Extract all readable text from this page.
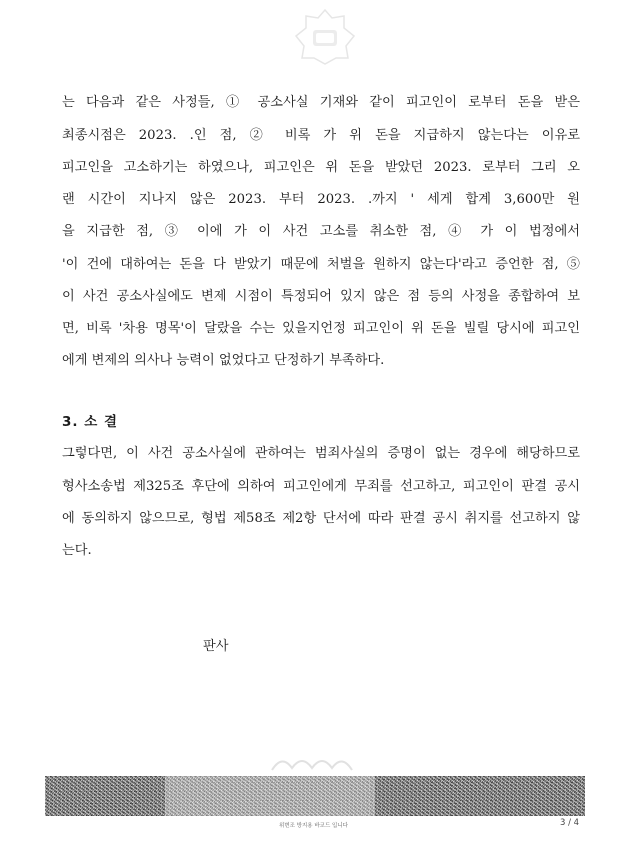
는 다음과 같은 사정들, ① 공소사실 기재와 같이 피고인이 로부터 돈을 받은
최종시점은 2023. .인 점, ② 비록 가 위 돈을 지급하지 않는다는 이유로
피고인을 고소하기는 하였으나, 피고인은 위 돈을 받았던 2023. 로부터 그리 오
랜 시간이 지나지 않은 2023. 부터 2023. .까지 ' 세게 합계 3,600만 원
을 지급한 점, ③ 이에 가 이 사건 고소를 취소한 점, ④ 가 이 법정에서
'이 건에 대하여는 돈을 다 받았기 때문에 처벌을 원하지 않는다'라고 증언한 점, ⑤
이 사건 공소사실에도 변제 시점이 특정되어 있지 않은 점 등의 사정을 종합하여 보
면, 비록 '차용 명목'이 달랐을 수는 있을지언정 피고인이 위 돈을 빌릴 당시에 피고인
에게 변제의 의사나 능력이 없었다고 단정하기 부족하다.
3. 소 결
그렇다면, 이 사건 공소사실에 관하여는 범죄사실의 증명이 없는 경우에 해당하므로
형사소송법 제325조 후단에 의하여 피고인에게 무죄를 선고하고, 피고인이 판결 공시
에 동의하지 않으므로, 형법 제58조 제2항 단서에 따라 판결 공시 취지를 선고하지 않
는다.
판사
위변조 방지용 바코드 입니다	3 / 4
